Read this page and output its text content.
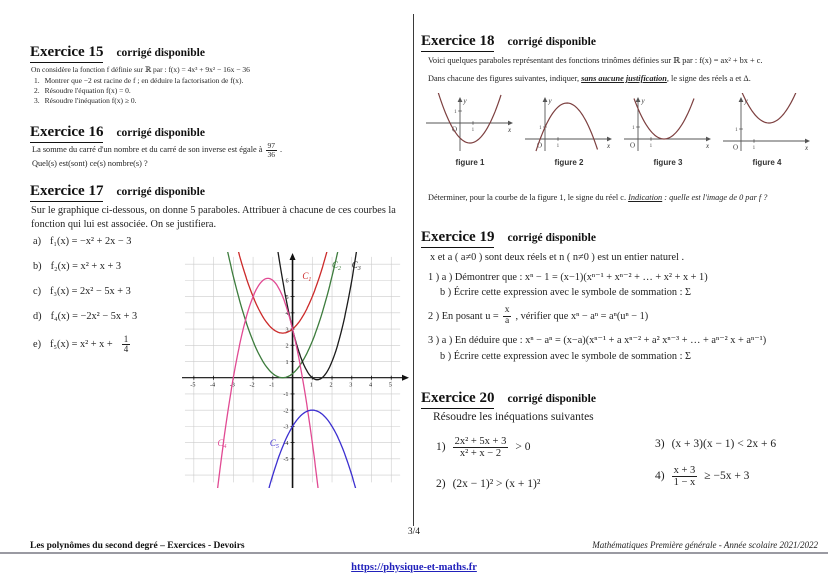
Exercice 15 corrigé disponible
On considère la fonction f définie sur ℝ par : f(x) = 4x³ + 9x² − 16x − 36
1. Montrer que −2 est racine de f ; en déduire la factorisation de f(x).
2. Résoudre l'équation f(x) = 0.
3. Résoudre l'inéquation f(x) ≥ 0.
Exercice 16 corrigé disponible
La somme du carré d'un nombre et du carré de son inverse est égale à $\frac{97}{36}$ .
Quel(s) est(sont) ce(s) nombre(s) ?
Exercice 17 corrigé disponible
Sur le graphique ci-dessous, on donne 5 paraboles. Attribuer à chacune de ces courbes la fonction qui lui est associée. On se justifiera.
a) f₁(x) = −x² + 2x − 3
b) f₂(x) = x² + x + 3
c) f₃(x) = 2x² − 5x + 3
d) f₄(x) = −2x² − 5x + 3
e) $f_5(x) = x^2 + x + \frac{1}{4}$
-5 -4 -3 -2 -1	1	2	3	4	5
-5
-4
-3
-2
-1
1
2
3
4
5
6
$C_1$
$C_2$ $C_3$
$C_4$	$C_5$
Exercice 18 corrigé disponible
Voici quelques paraboles représentant des fonctions trinômes définies sur ℝ par : f(x) = ax² + bx + c.
Dans chacune des figures suivantes, indiquer, sans aucune justification, le signe des réels a et Δ.
y
x
O	1
1
figure 1
y
x
O	1
1
figure 2
y
x
O	1
1
figure 3
y
x
O	1
1
figure 4
Déterminer, pour la courbe de la figure 1, le signe du réel c. Indication : quelle est l'image de 0 par f ?
Exercice 19 corrigé disponible
x et a ( a≠0 ) sont deux réels et n ( n≠0 ) est un entier naturel .
1 ) a ) Démontrer que : xⁿ − 1 = (x−1)(xⁿ⁻¹ + xⁿ⁻² + … + x² + x + 1)
b ) Écrire cette expression avec le symbole de sommation : Σ
2 ) En posant $u = \frac{x}{a}$ , vérifier que xⁿ − aⁿ = aⁿ(uⁿ − 1)
3 ) a ) En déduire que : xⁿ − aⁿ = (x−a)(xⁿ⁻¹ + a xⁿ⁻² + a² xⁿ⁻³ + … + aⁿ⁻² x + aⁿ⁻¹)
b ) Écrire cette expression avec le symbole de sommation : Σ
Exercice 20 corrigé disponible
Résoudre les inéquations suivantes
$1) \frac{\text{2x² + 5x + 3}}{\text{x² + x − 2}} > 0$
2) (2x − 1)² > (x + 1)²
3) (x + 3)(x − 1) < 2x + 6
$4) \frac{x + 3}{1 - x} \ge -5x + 3$
3/4
Les polynômes du second degré – Exercices - Devoirs	Mathématiques Première générale - Année scolaire 2021/2022
https://physique-et-maths.fr
